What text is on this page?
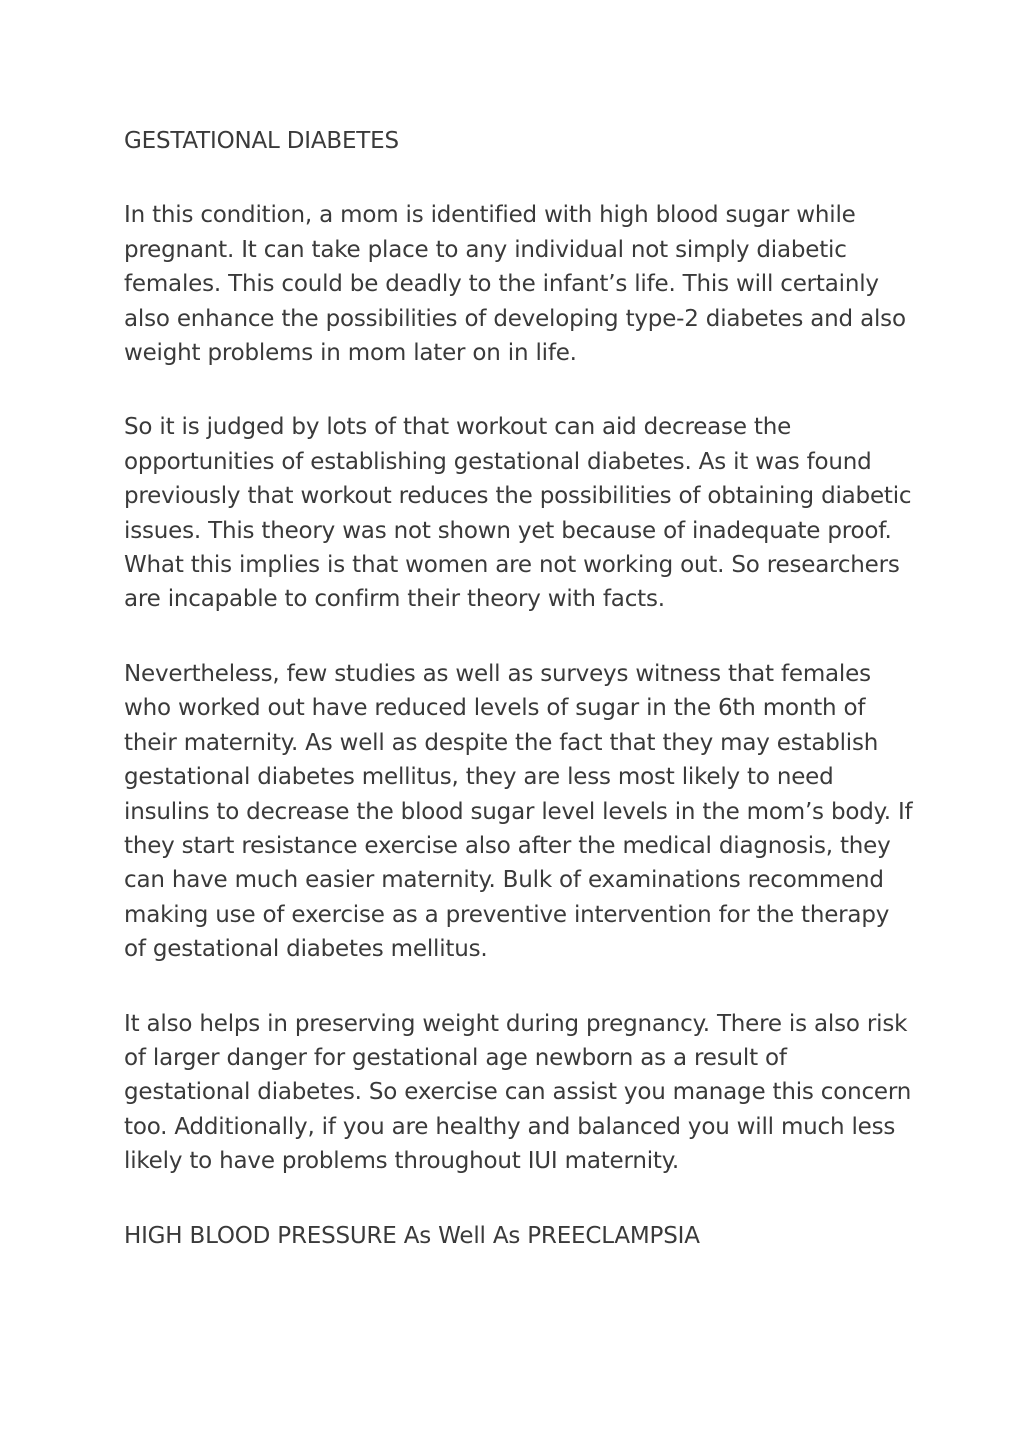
GESTATIONAL DIABETES

In this condition, a mom is identified with high blood sugar while pregnant. It can take place to any individual not simply diabetic females. This could be deadly to the infant’s life. This will certainly also enhance the possibilities of developing type-2 diabetes and also weight problems in mom later on in life.

So it is judged by lots of that workout can aid decrease the opportunities of establishing gestational diabetes. As it was found previously that workout reduces the possibilities of obtaining diabetic issues. This theory was not shown yet because of inadequate proof. What this implies is that women are not working out. So researchers are incapable to confirm their theory with facts.

Nevertheless, few studies as well as surveys witness that females who worked out have reduced levels of sugar in the 6th month of their maternity. As well as despite the fact that they may establish gestational diabetes mellitus, they are less most likely to need insulins to decrease the blood sugar level levels in the mom’s body. If they start resistance exercise also after the medical diagnosis, they can have much easier maternity. Bulk of examinations recommend making use of exercise as a preventive intervention for the therapy of gestational diabetes mellitus.

It also helps in preserving weight during pregnancy. There is also risk of larger danger for gestational age newborn as a result of gestational diabetes. So exercise can assist you manage this concern too. Additionally, if you are healthy and balanced you will much less likely to have problems throughout IUI maternity.

HIGH BLOOD PRESSURE As Well As PREECLAMPSIA
